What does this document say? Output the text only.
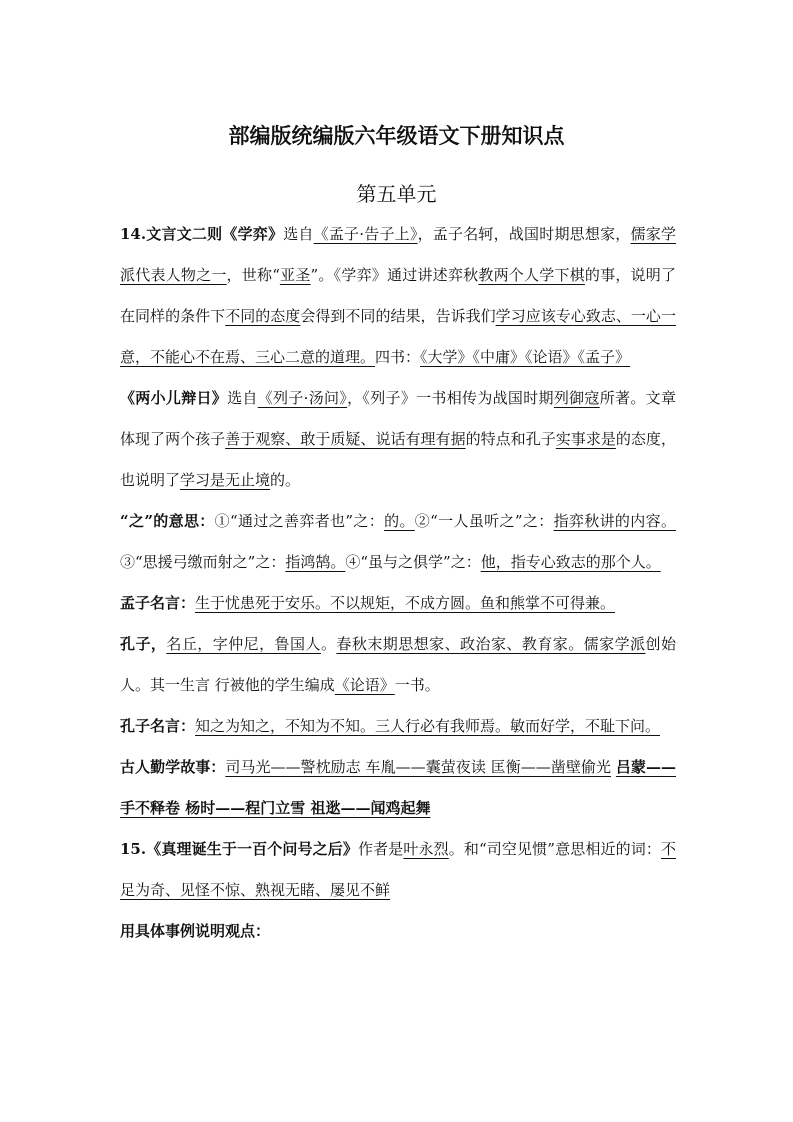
部编版统编版六年级语文下册知识点
第五单元

14.文言文二则《学弈》选自《孟子·告子上》，孟子名轲，战国时期思想家，儒家学派代表人物之一，世称“亚圣”。《学弈》通过讲述弈秋教两个人学下棋的事，说明了在同样的条件下不同的态度会得到不同的结果，告诉我们学习应该专心致志、一心一意，不能心不在焉、三心二意的道理。四书：《大学》《中庸》《论语》《孟子》

《两小儿辩日》选自《列子·汤问》，《列子》一书相传为战国时期列御寇所著。文章体现了两个孩子善于观察、敢于质疑、说话有理有据的特点和孔子实事求是的态度，也说明了学习是无止境的。

“之”的意思：①“通过之善弈者也”之：的。②“一人虽听之”之：指弈秋讲的内容。③“思援弓缴而射之”之：指鸿鹄。④“虽与之俱学”之：他，指专心致志的那个人。

孟子名言：生于忧患死于安乐。不以规矩，不成方圆。鱼和熊掌不可得兼。

孔子，名丘，字仲尼，鲁国人。春秋末期思想家、政治家、教育家。儒家学派创始人。其一生言 行被他的学生编成《论语》一书。

孔子名言：知之为知之，不知为不知。三人行必有我师焉。敏而好学，不耻下问。

古人勤学故事：司马光——警枕励志 车胤——囊萤夜读 匡衡——凿壁偷光 吕蒙——手不释卷 杨时——程门立雪 祖逖——闻鸡起舞

15.《真理诞生于一百个问号之后》作者是叶永烈。和“司空见惯”意思相近的词：不足为奇、见怪不惊、熟视无睹、屡见不鲜

用具体事例说明观点：
